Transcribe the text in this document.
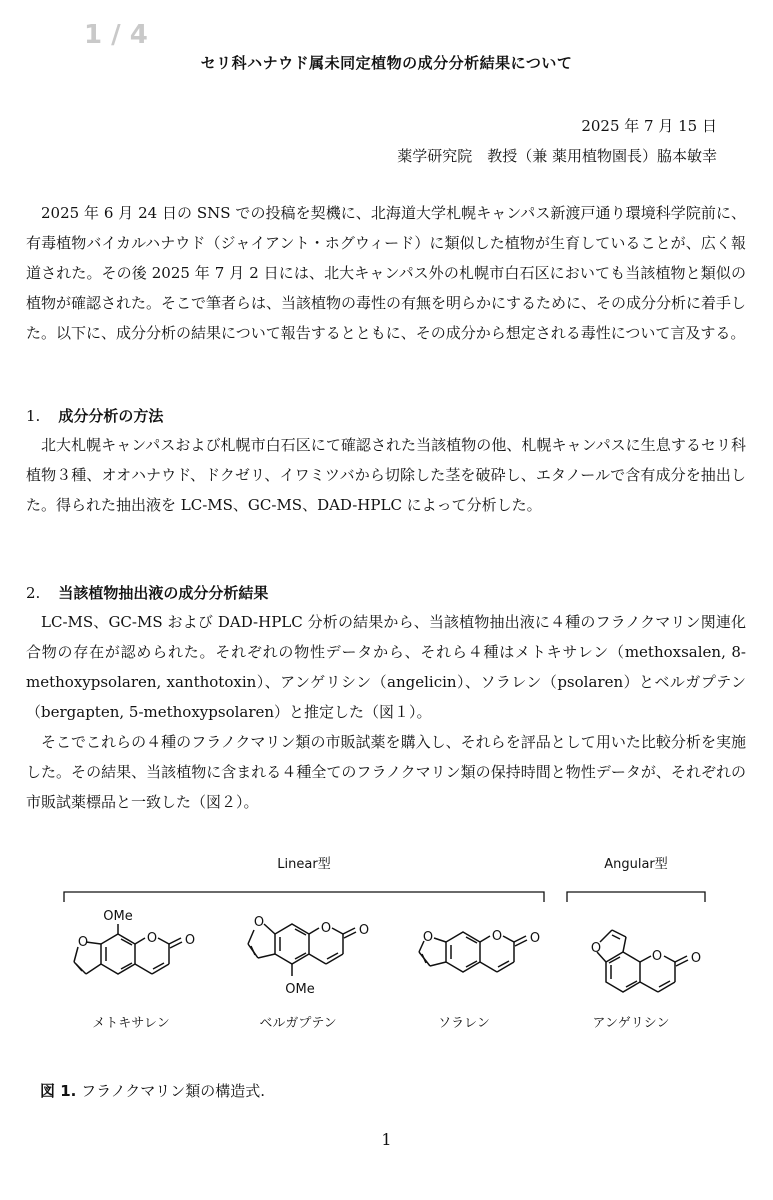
1 / 4
セリ科ハナウド属未同定植物の成分分析結果について
2025 年 7 月 15 日
薬学研究院　教授（兼 薬用植物園長）脇本敏幸

2025 年 6 月 24 日の SNS での投稿を契機に、北海道大学札幌キャンパス新渡戸通り環境科学院前に、有毒植物バイカルハナウド（ジャイアント・ホグウィード）に類似した植物が生育していることが、広く報道された。その後 2025 年 7 月 2 日には、北大キャンパス外の札幌市白石区においても当該植物と類似の植物が確認された。そこで筆者らは、当該植物の毒性の有無を明らかにするために、その成分分析に着手した。以下に、成分分析の結果について報告するとともに、その成分から想定される毒性について言及する。

1. 成分分析の方法

北大札幌キャンパスおよび札幌市白石区にて確認された当該植物の他、札幌キャンパスに生息するセリ科植物３種、オオハナウド、ドクゼリ、イワミツバから切除した茎を破砕し、エタノールで含有成分を抽出した。得られた抽出液を LC-MS、GC-MS、DAD-HPLC によって分析した。

2. 当該植物抽出液の成分分析結果

LC-MS、GC-MS および DAD-HPLC 分析の結果から、当該植物抽出液に４種のフラノクマリン関連化合物の存在が認められた。それぞれの物性データから、それら４種はメトキサレン（methoxsalen, 8-methoxypsolaren, xanthotoxin）、アンゲリシン（angelicin）、ソラレン（psolaren）とベルガプテン（bergapten, 5-methoxypsolaren）と推定した（図１）。

そこでこれらの４種のフラノクマリン類の市販試薬を購入し、それらを評品として用いた比較分析を実施した。その結果、当該植物に含まれる４種全てのフラノクマリン類の保持時間と物性データが、それぞれの市販試薬標品と一致した（図２）。

Linear型	Angular型
O	O O
OMe
メトキサレン
O	O O
OMe
ベルガプテン
O	O O
ソラレン
O
O O
アンゲリシン
図 1. フラノクマリン類の構造式.
1
